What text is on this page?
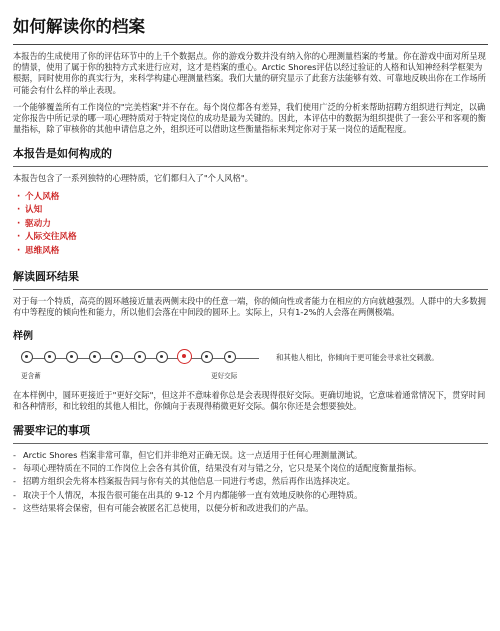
如何解读你的档案

本报告的生成使用了你的评估环节中的上千个数据点。你的游戏分数并没有纳入你的心理测量档案的考量。你在游戏中面对所呈现的情景，使用了属于你的独特方式来进行应对，这才是档案的重心。Arctic Shores评估以经过验证的人格和认知神经科学框架为根据，同时使用你的真实行为，来科学构建心理测量档案。我们大量的研究显示了此套方法能够有效、可靠地反映出你在工作场所可能会有什么样的举止表现。

一个能够覆盖所有工作岗位的"完美档案"并不存在。每个岗位都各有差异，我们使用广泛的分析来帮助招聘方组织进行判定，以确定你报告中所记录的哪一项心理特质对于特定岗位的成功是最为关键的。因此，本评估中的数据为组织提供了一套公平和客观的衡量指标，除了审核你的其他申请信息之外，组织还可以借助这些衡量指标来判定你对于某一岗位的适配程度。

本报告是如何构成的

本报告包含了一系列独特的心理特质，它们都归入了"个人风格"。

· 个人风格
· 认知
· 驱动力
· 人际交往风格
· 思维风格
解读圆环结果

对于每一个特质，高亮的圆环越接近量表两侧末段中的任意一端，你的倾向性或者能力在相应的方向就越强烈。人群中的大多数拥有中等程度的倾向性和能力，所以他们会落在中间段的圆环上。实际上，只有1-2%的人会落在两侧极端。

样例
更含蓄	更好交际
和其他人相比，你倾向于更可能会寻求社交刺激。

在本样例中，圆环更接近于"更好交际"，但这并不意味着你总是会表现得很好交际。更确切地说，它意味着通常情况下，贯穿时间和各种情形，和比较组的其他人相比，你倾向于表现得稍微更好交际。偶尔你还是会想要独处。

需要牢记的事项
- Arctic Shores 档案非常可靠，但它们并非绝对正确无误。这一点适用于任何心理测量测试。
- 每项心理特质在不同的工作岗位上会各有其价值，结果没有对与错之分，它只是某个岗位的适配度衡量指标。
- 招聘方组织会先将本档案报告同与你有关的其他信息一同进行考虑，然后再作出选择决定。
- 取决于个人情况，本报告很可能在出具的 9-12 个月内都能够一直有效地反映你的心理特质。
- 这些结果将会保密，但有可能会被匿名汇总使用，以便分析和改进我们的产品。
